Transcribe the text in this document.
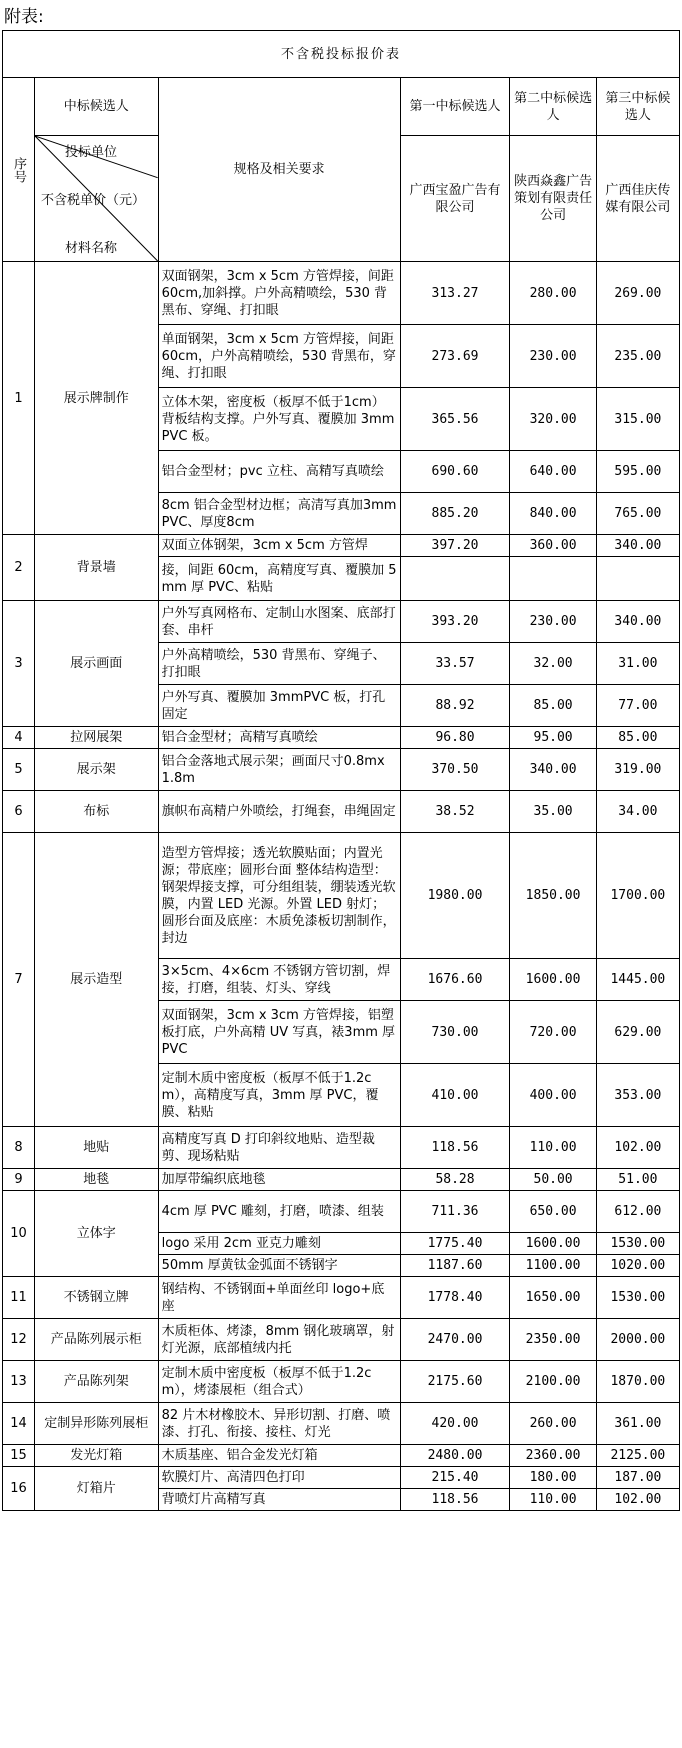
附表:
不含税投标报价表					
序号	中标候选人	规格及相关要求	第一中标候选人	第二中标候选人	第三中标候选人

	投标单位
不含税单价（元）
材料名称		广西宝盈广告有限公司	陕西焱鑫广告策划有限责任公司	广西佳庆传媒有限公司
1	展示牌制作	双面钢架，3cm x 5cm 方管焊接，间距60cm,加斜撑。户外高精喷绘，530 背黑布、穿绳、打扣眼	313.27	280.00	269.00
		单面钢架，3cm x 5cm 方管焊接，间距 60cm，户外高精喷绘，530 背黑布，穿绳、打扣眼	273.69	230.00	235.00
		立体木架，密度板（板厚不低于1cm）背板结构支撑。户外写真、覆膜加 3mmPVC 板。	365.56	320.00	315.00
		铝合金型材；pvc 立柱、高精写真喷绘	690.60	640.00	595.00
		8cm 铝合金型材边框；高清写真加3mmPVC、厚度8cm	885.20	840.00	765.00
2	背景墙	双面立体钢架，3cm x 5cm 方管焊	397.20	360.00	340.00
		接，间距 60cm，高精度写真、覆膜加 5mm 厚 PVC、粘贴			
3	展示画面	户外写真网格布、定制山水图案、底部打套、串杆	393.20	230.00	340.00
		户外高精喷绘，530 背黑布、穿绳子、打扣眼	33.57	32.00	31.00
		户外写真、覆膜加 3mmPVC 板，打孔固定	88.92	85.00	77.00
4	拉网展架	铝合金型材；高精写真喷绘	96.80	95.00	85.00
5	展示架	铝合金落地式展示架；画面尺寸0.8mx1.8m	370.50	340.00	319.00
6	布标	旗帜布高精户外喷绘，打绳套，串绳固定	38.52	35.00	34.00
7	展示造型	造型方管焊接；透光软膜贴面；内置光源；带底座；圆形台面 整体结构造型：钢架焊接支撑，可分组组装，绷装透光软膜，内置 LED 光源。外置 LED 射灯；圆形台面及底座：木质免漆板切割制作，封边	1980.00	1850.00	1700.00
		3×5cm、4×6cm 不锈钢方管切割，焊接，打磨，组装、灯头、穿线	1676.60	1600.00	1445.00
		双面钢架，3cm x 3cm 方管焊接，铝塑板打底，户外高精 UV 写真，裱3mm 厚 PVC	730.00	720.00	629.00
		定制木质中密度板（板厚不低于1.2cm），高精度写真，3mm 厚 PVC，覆膜、粘贴	410.00	400.00	353.00
8	地贴	高精度写真 D 打印斜纹地贴、造型裁剪、现场粘贴	118.56	110.00	102.00
9	地毯	加厚带编织底地毯	58.28	50.00	51.00
10	立体字	4cm 厚 PVC 雕刻，打磨，喷漆、组装	711.36	650.00	612.00
		logo 采用 2cm 亚克力雕刻	1775.40	1600.00	1530.00
		50mm 厚黄钛金弧面不锈钢字	1187.60	1100.00	1020.00
11	不锈钢立牌	钢结构、不锈钢面+单面丝印 logo+底座	1778.40	1650.00	1530.00
12	产品陈列展示柜	木质柜体、烤漆，8mm 钢化玻璃罩，射灯光源，底部植绒内托	2470.00	2350.00	2000.00
13	产品陈列架	定制木质中密度板（板厚不低于1.2cm），烤漆展柜（组合式）	2175.60	2100.00	1870.00
14	定制异形陈列展柜	82 片木材橡胶木、异形切割、打磨、喷漆、打孔、衔接、接柱、灯光	420.00	260.00	361.00
15	发光灯箱	木质基座、铝合金发光灯箱	2480.00	2360.00	2125.00
16	灯箱片	软膜灯片、高清四色打印	215.40	180.00	187.00
		背喷灯片高精写真	118.56	110.00	102.00
